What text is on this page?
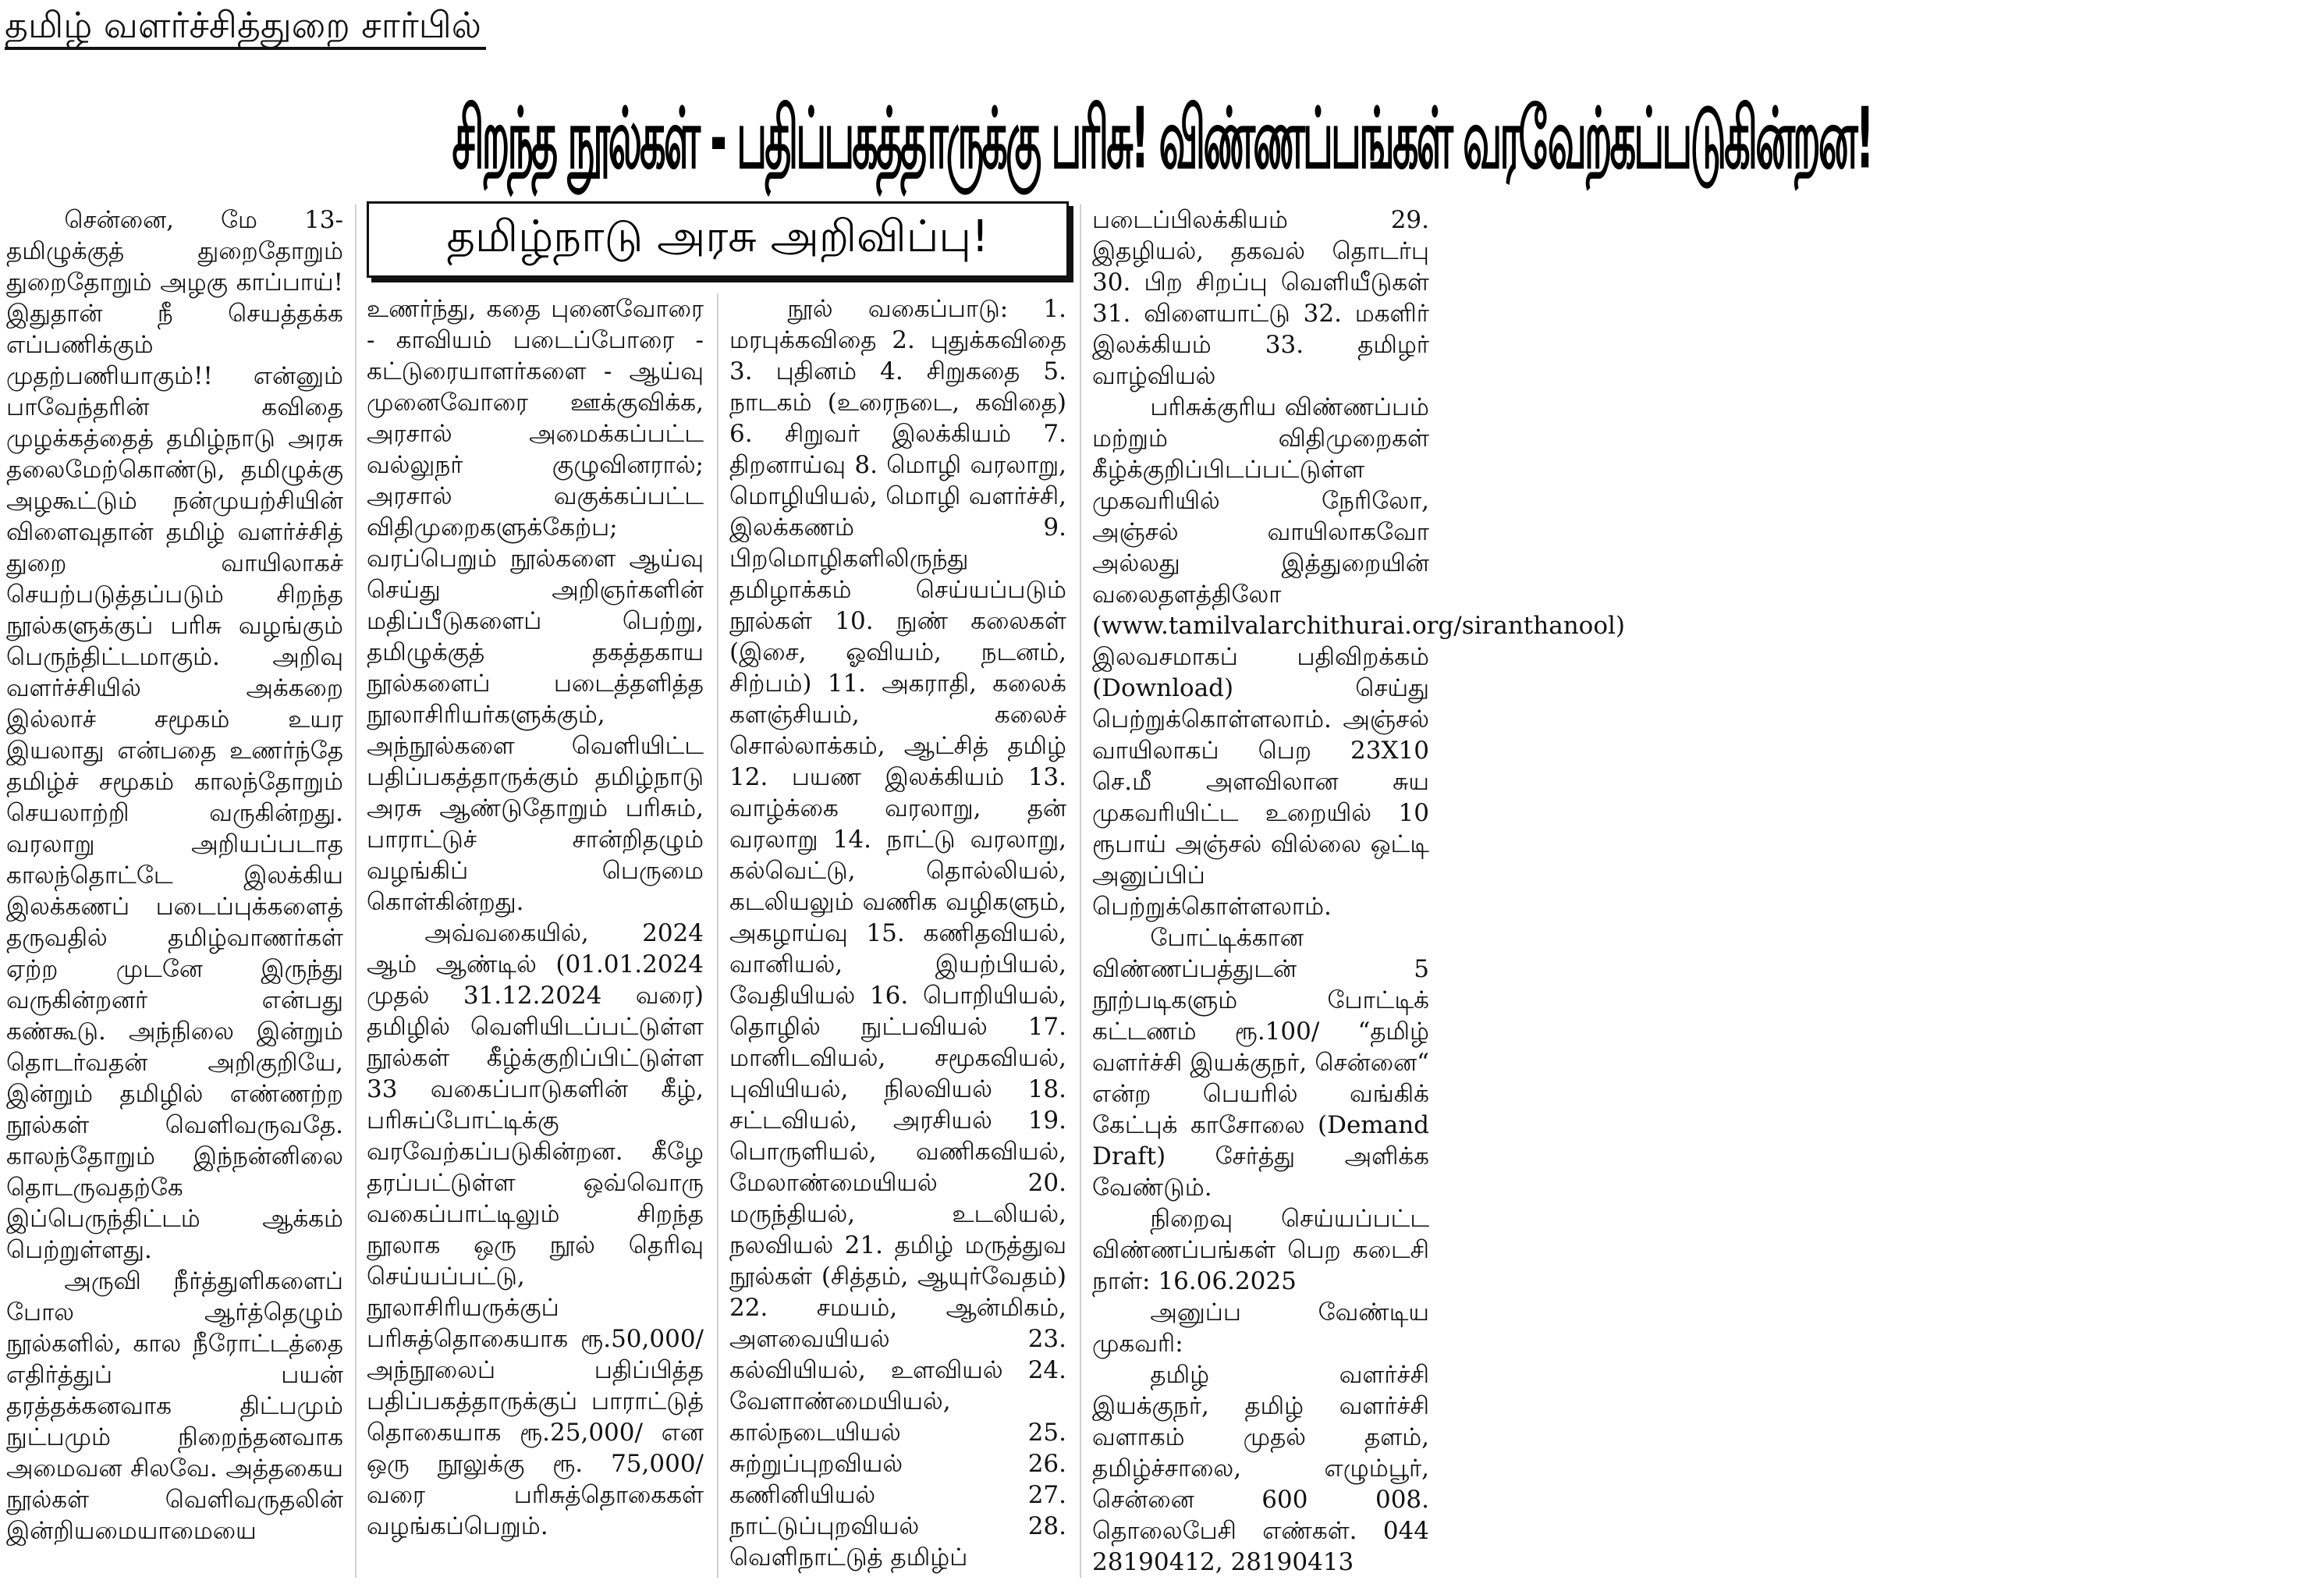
தமிழ் வளர்ச்சித்துறை சார்பில்
சிறந்த நூல்கள் - பதிப்பகத்தாருக்கு பரிசு! விண்ணப்பங்கள் வரவேற்கப்படுகின்றன!
தமிழ்நாடு அரசு அறிவிப்பு!

சென்னை, மே 13- தமிழுக்குத் துறைதோறும் துறைதோறும் அழகு காப்பாய்! இதுதான் நீ செயத்தக்க எப்பணிக்கும் முதற்பணியாகும்!! என்னும் பாவேந்தரின் கவிதை முழக்கத்தைத் தமிழ்நாடு அரசு தலைமேற்கொண்டு, தமிழுக்கு அழகூட்டும் நன்முயற்சியின் விளைவுதான் தமிழ் வளர்ச்சித் துறை வாயிலாகச் செயற்படுத்தப்படும் சிறந்த நூல்களுக்குப் பரிசு வழங்கும் பெருந்திட்டமாகும். அறிவு வளர்ச்சியில் அக்கறை இல்லாச் சமூகம் உயர இயலாது என்பதை உணர்ந்தே தமிழ்ச் சமூகம் காலந்தோறும் செயலாற்றி வருகின்றது. வரலாறு அறியப்படாத காலந்தொட்டே இலக்கிய இலக்கணப் படைப்புக்களைத் தருவதில் தமிழ்வாணர்கள் ஏற்ற முடனே இருந்து வருகின்றனர் என்பது கண்கூடு. அந்நிலை இன்றும் தொடர்வதன் அறிகுறியே, இன்றும் தமிழில் எண்ணற்ற நூல்கள் வெளிவருவதே. காலந்தோறும் இந்நன்னிலை தொடருவதற்கே இப்பெருந்திட்டம் ஆக்கம் பெற்றுள்ளது.

அருவி நீர்த்துளிகளைப் போல ஆர்த்தெழும் நூல்களில், கால நீரோட்டத்தை எதிர்த்துப் பயன் தரத்தக்கனவாக திட்பமும் நுட்பமும் நிறைந்தனவாக அமைவன சிலவே. அத்தகைய நூல்கள் வெளிவருதலின் இன்றியமையாமையை

உணர்ந்து, கதை புனைவோரை - காவியம் படைப்போரை - கட்டுரையாளர்களை - ஆய்வு முனைவோரை ஊக்குவிக்க, அரசால் அமைக்கப்பட்ட வல்லுநர் குழுவினரால்; அரசால் வகுக்கப்பட்ட விதிமுறைகளுக்கேற்ப; வரப்பெறும் நூல்களை ஆய்வு செய்து அறிஞர்களின் மதிப்பீடுகளைப் பெற்று, தமிழுக்குத் தகத்தகாய நூல்களைப் படைத்தளித்த நூலாசிரியர்களுக்கும், அந்நூல்களை வெளியிட்ட பதிப்பகத்தாருக்கும் தமிழ்நாடு அரசு ஆண்டுதோறும் பரிசும், பாராட்டுச் சான்றிதழும் வழங்கிப் பெருமை கொள்கின்றது.

அவ்வகையில், 2024 ஆம் ஆண்டில் (01.01.2024 முதல் 31.12.2024 வரை) தமிழில் வெளியிடப்பட்டுள்ள நூல்கள் கீழ்க்குறிப்பிட்டுள்ள 33 வகைப்பாடுகளின் கீழ், பரிசுப்போட்டிக்கு வரவேற்கப்படுகின்றன. கீழே தரப்பட்டுள்ள ஒவ்வொரு வகைப்பாட்டிலும் சிறந்த நூலாக ஒரு நூல் தெரிவு செய்யப்பட்டு, நூலாசிரியருக்குப் பரிசுத்தொகையாக ரூ.50,000/ அந்நூலைப் பதிப்பித்த பதிப்பகத்தாருக்குப் பாராட்டுத் தொகையாக ரூ.25,000/ என ஒரு நூலுக்கு ரூ. 75,000/ வரை பரிசுத்தொகைகள் வழங்கப்பெறும்.

நூல் வகைப்பாடு: 1. மரபுக்கவிதை 2. புதுக்கவிதை 3. புதினம் 4. சிறுகதை 5. நாடகம் (உரைநடை, கவிதை) 6. சிறுவர் இலக்கியம் 7. திறனாய்வு 8. மொழி வரலாறு, மொழியியல், மொழி வளர்ச்சி, இலக்கணம் 9. பிறமொழிகளிலிருந்து தமிழாக்கம் செய்யப்படும் நூல்கள் 10. நுண் கலைகள் (இசை, ஓவியம், நடனம், சிற்பம்) 11. அகராதி, கலைக் களஞ்சியம், கலைச் சொல்லாக்கம், ஆட்சித் தமிழ் 12. பயண இலக்கியம் 13. வாழ்க்கை வரலாறு, தன் வரலாறு 14. நாட்டு வரலாறு, கல்வெட்டு, தொல்லியல், கடலியலும் வணிக வழிகளும், அகழாய்வு 15. கணிதவியல், வானியல், இயற்பியல், வேதியியல் 16. பொறியியல், தொழில் நுட்பவியல் 17. மானிடவியல், சமூகவியல், புவியியல், நிலவியல் 18. சட்டவியல், அரசியல் 19. பொருளியல், வணிகவியல், மேலாண்மையியல் 20. மருந்தியல், உடலியல், நலவியல் 21. தமிழ் மருத்துவ நூல்கள் (சித்தம், ஆயுர்வேதம்) 22. சமயம், ஆன்மிகம், அளவையியல் 23. கல்வியியல், உளவியல் 24. வேளாண்மையியல், கால்நடையியல் 25. சுற்றுப்புறவியல் 26. கணினியியல் 27. நாட்டுப்புறவியல் 28. வெளிநாட்டுத் தமிழ்ப்

படைப்பிலக்கியம் 29. இதழியல், தகவல் தொடர்பு 30. பிற சிறப்பு வெளியீடுகள் 31. விளையாட்டு 32. மகளிர் இலக்கியம் 33. தமிழர் வாழ்வியல்

பரிசுக்குரிய விண்ணப்பம் மற்றும் விதிமுறைகள் கீழ்க்குறிப்பிடப்பட்டுள்ள முகவரியில் நேரிலோ, அஞ்சல் வாயிலாகவோ அல்லது இத்துறையின் வலைதளத்திலோ (www.tamilvalarchithurai.org/siranthanool) இலவசமாகப் பதிவிறக்கம் (Download) செய்து பெற்றுக்கொள்ளலாம். அஞ்சல் வாயிலாகப் பெற 23X10 செ.மீ அளவிலான சுய முகவரியிட்ட உறையில் 10 ரூபாய் அஞ்சல் வில்லை ஒட்டி அனுப்பிப் பெற்றுக்கொள்ளலாம்.

போட்டிக்கான விண்ணப்பத்துடன் 5 நூற்படிகளும் போட்டிக் கட்டணம் ரூ.100/ “தமிழ் வளர்ச்சி இயக்குநர், சென்னை“ என்ற பெயரில் வங்கிக் கேட்புக் காசோலை (Demand Draft) சேர்த்து அளிக்க வேண்டும்.

நிறைவு செய்யப்பட்ட விண்ணப்பங்கள் பெற கடைசி நாள்: 16.06.2025

அனுப்ப வேண்டிய முகவரி:

தமிழ் வளர்ச்சி இயக்குநர், தமிழ் வளர்ச்சி வளாகம் முதல் தளம், தமிழ்ச்சாலை, எழும்பூர், சென்னை 600 008. தொலைபேசி எண்கள். 044 28190412, 28190413
